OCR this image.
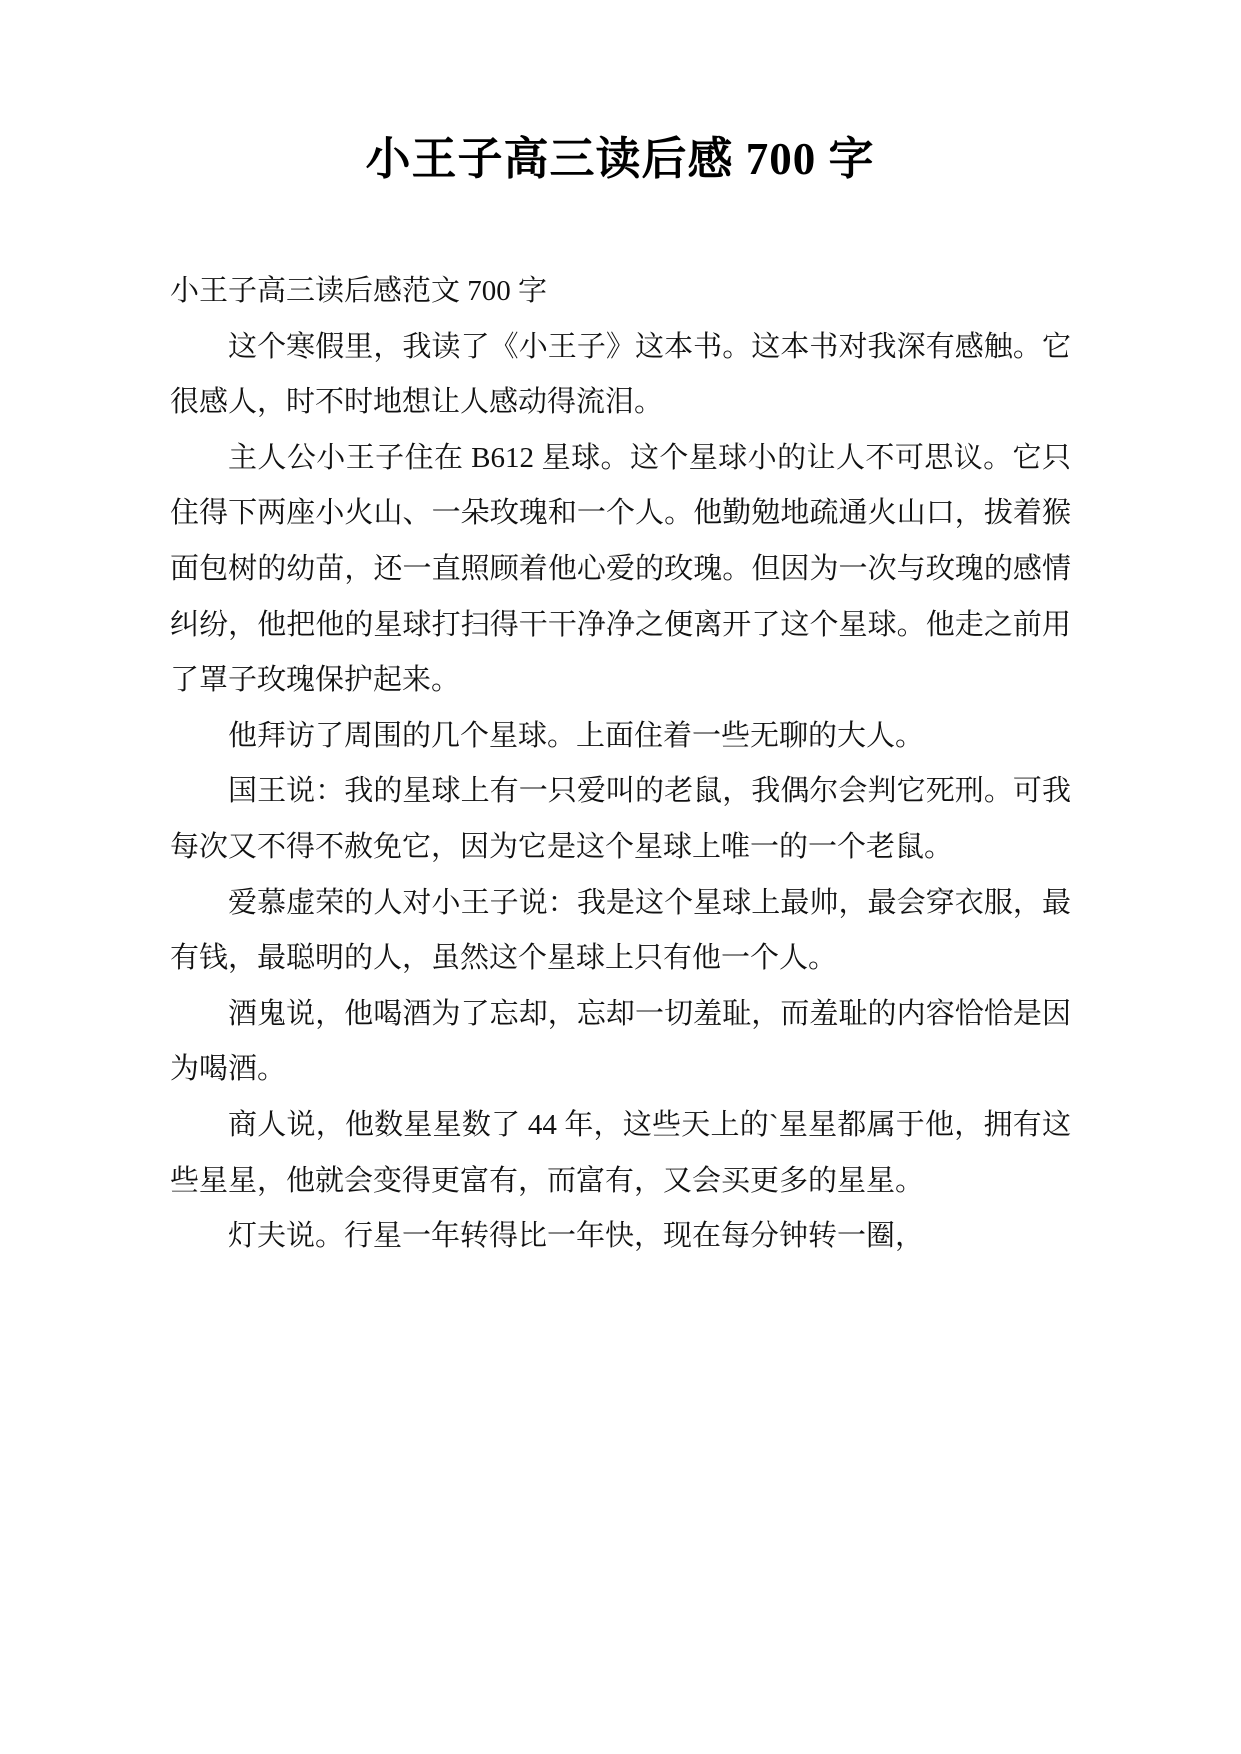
小王子高三读后感 700 字

小王子高三读后感范文 700 字

这个寒假里，我读了《小王子》这本书。这本书对我深有感触。它很感人，时不时地想让人感动得流泪。

主人公小王子住在 B612 星球。这个星球小的让人不可思议。它只住得下两座小火山、一朵玫瑰和一个人。他勤勉地疏通火山口，拔着猴面包树的幼苗，还一直照顾着他心爱的玫瑰。但因为一次与玫瑰的感情纠纷，他把他的星球打扫得干干净净之便离开了这个星球。他走之前用了罩子玫瑰保护起来。

他拜访了周围的几个星球。上面住着一些无聊的大人。

国王说：我的星球上有一只爱叫的老鼠，我偶尔会判它死刑。可我每次又不得不赦免它，因为它是这个星球上唯一的一个老鼠。

爱慕虚荣的人对小王子说：我是这个星球上最帅，最会穿衣服，最有钱，最聪明的人，虽然这个星球上只有他一个人。

酒鬼说，他喝酒为了忘却，忘却一切羞耻，而羞耻的内容恰恰是因为喝酒。

商人说，他数星星数了 44 年，这些天上的`星星都属于他，拥有这些星星，他就会变得更富有，而富有，又会买更多的星星。

灯夫说。行星一年转得比一年快，现在每分钟转一圈，
